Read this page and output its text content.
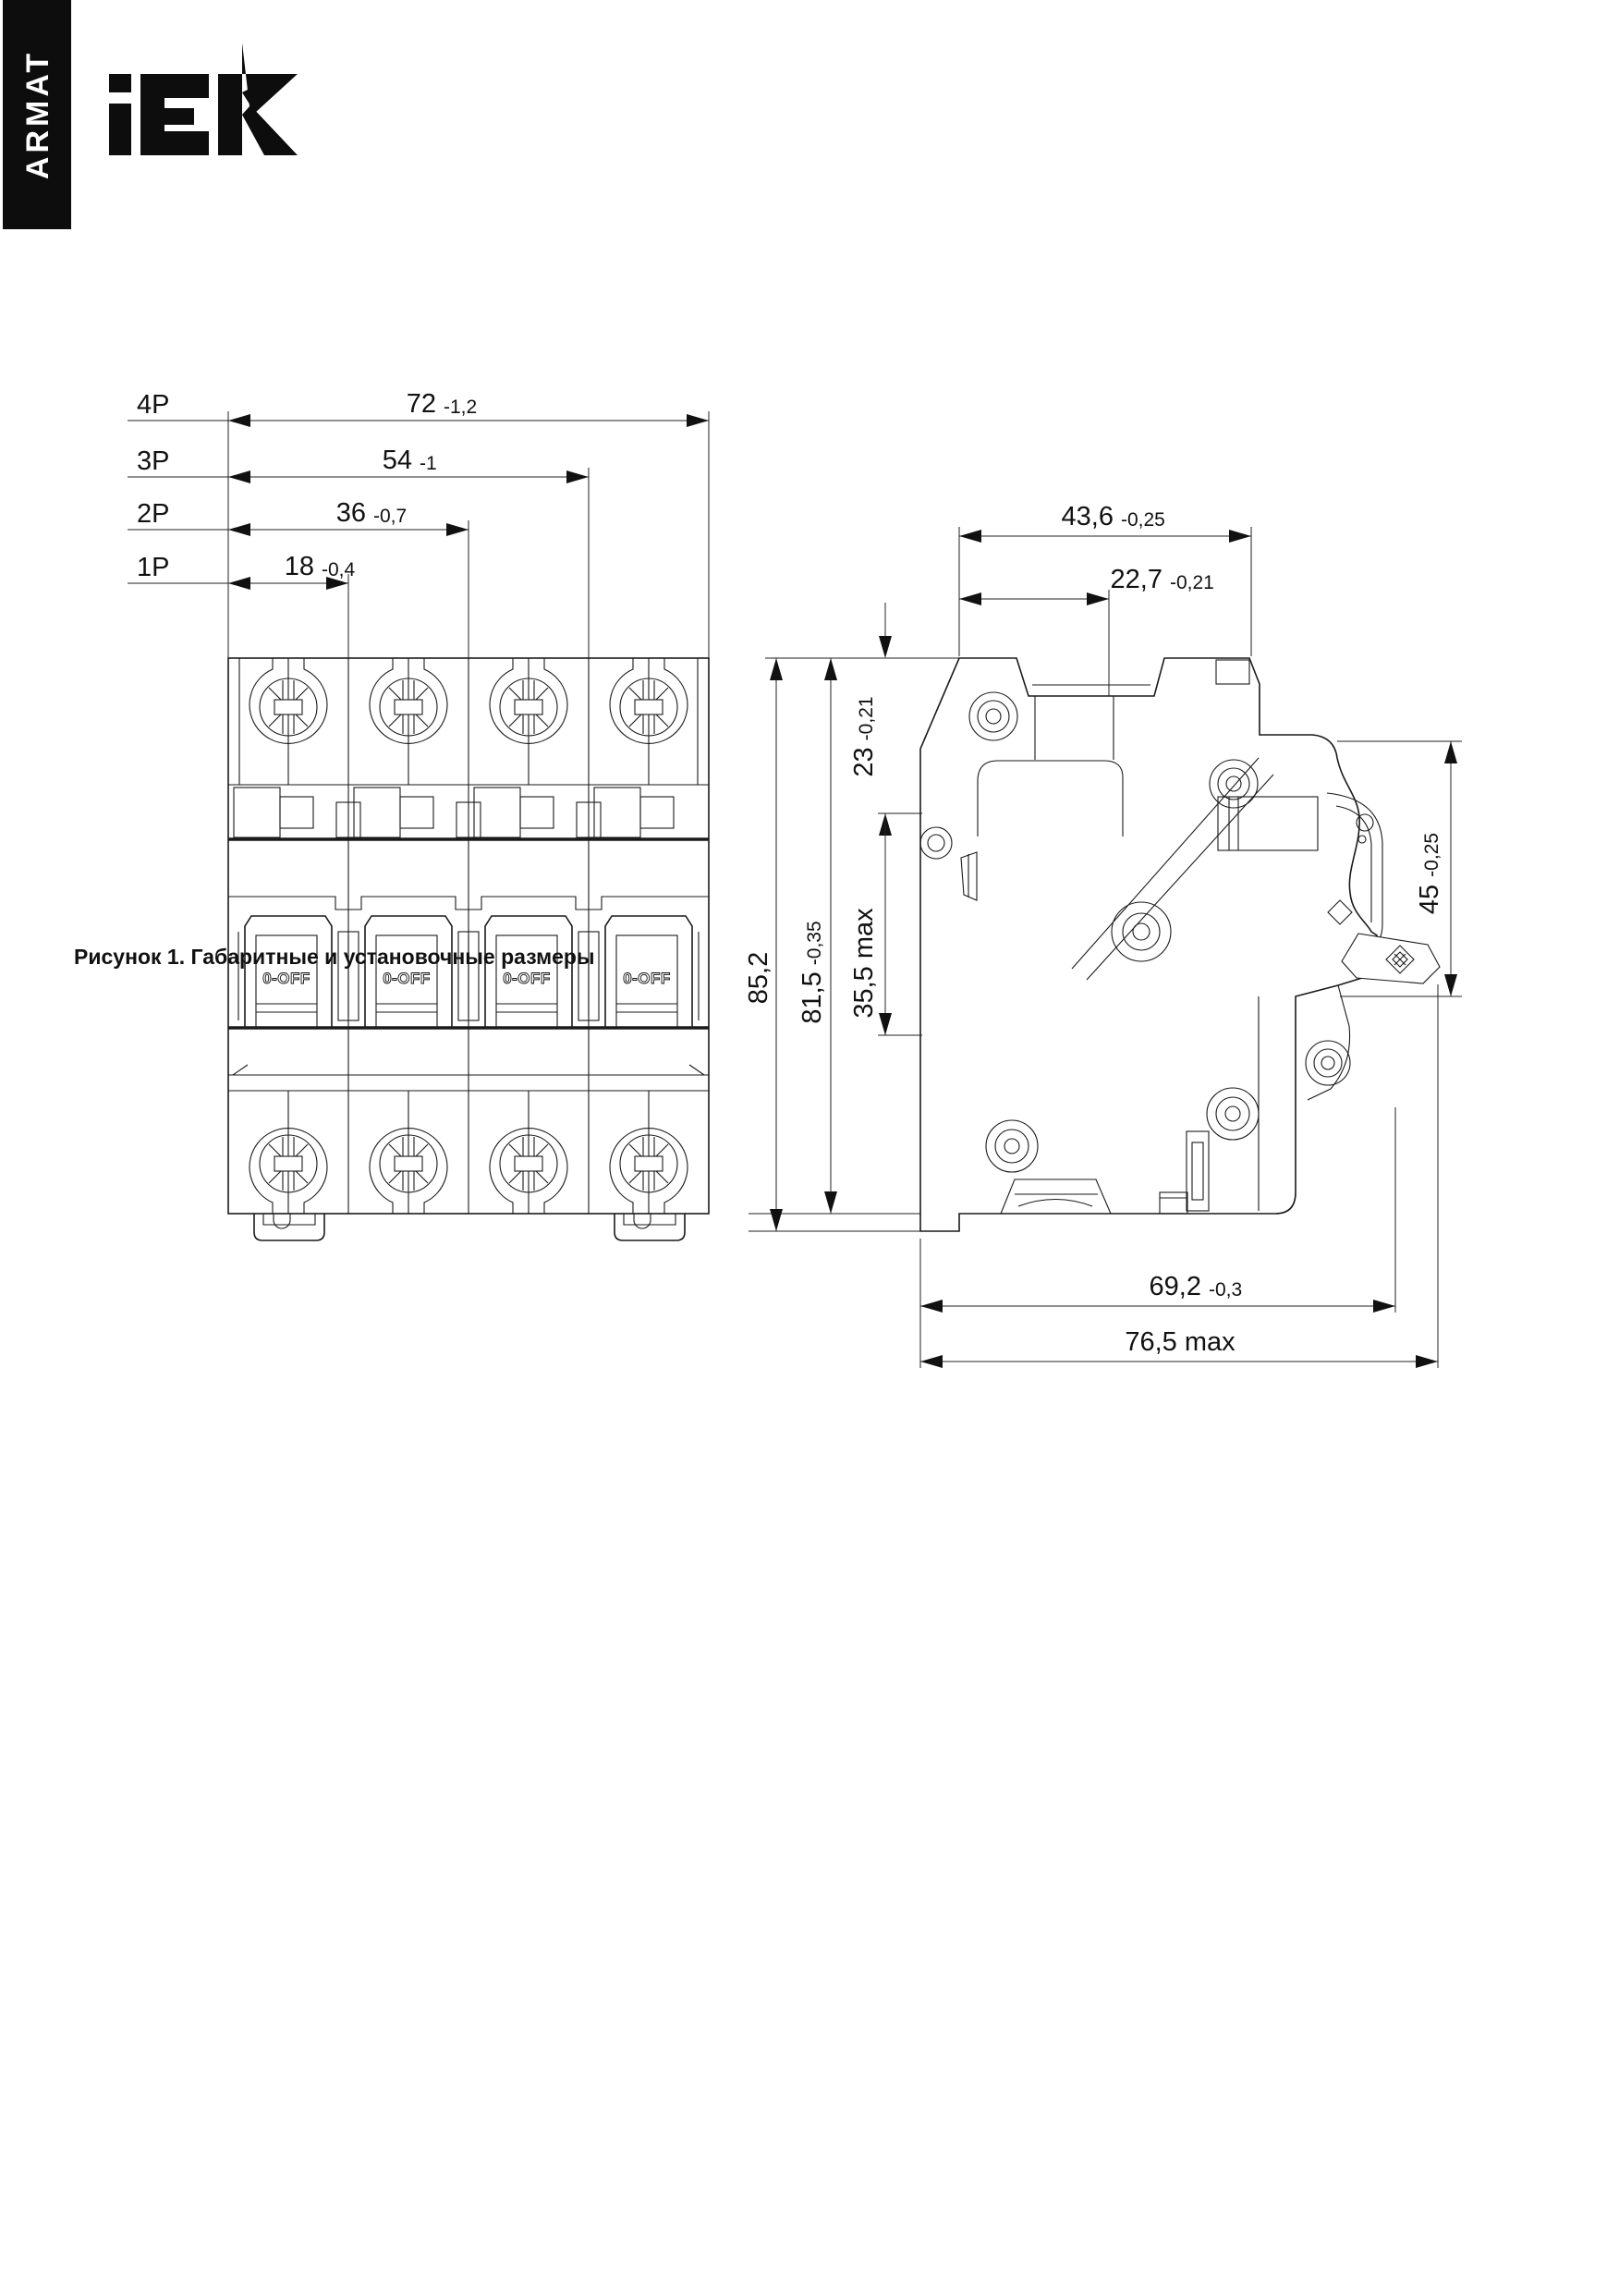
ARMAT
0-OFF	0-OFF	0-OFF	0-OFF
4P	72 -1,2
3P	54 -1
2P	36 -0,7
1P	18 -0,4
43,6 -0,25
22,7 -0,21
85,2 81,5-0,35
23-0,21
35,5 max
45-0,25
69,2 -0,3
76,5 max
Рисунок 1. Габаритные и установочные размеры
